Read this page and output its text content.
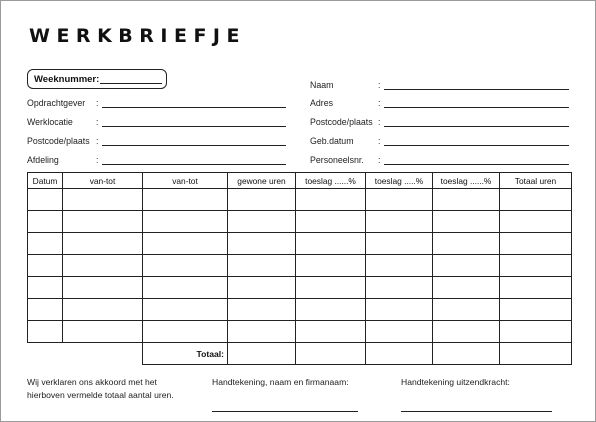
WERKBRIEFJE
Weeknummer:
Opdrachtgever :
Werklocatie	:
Postcode/plaats :
Afdeling	:
Naam	:
Adres	:
Postcode/plaats :
Geb.datum	:
Personeelsnr. :
Datum	van-tot	van-tot	gewone uren	toeslag ......%	toeslag .....%	toeslag ......%	Totaal uren

		Totaal:					
Wij verklaren ons akkoord met het
hierboven vermelde totaal aantal uren.
Handtekening, naam en firmanaam:	Handtekening uitzendkracht:
